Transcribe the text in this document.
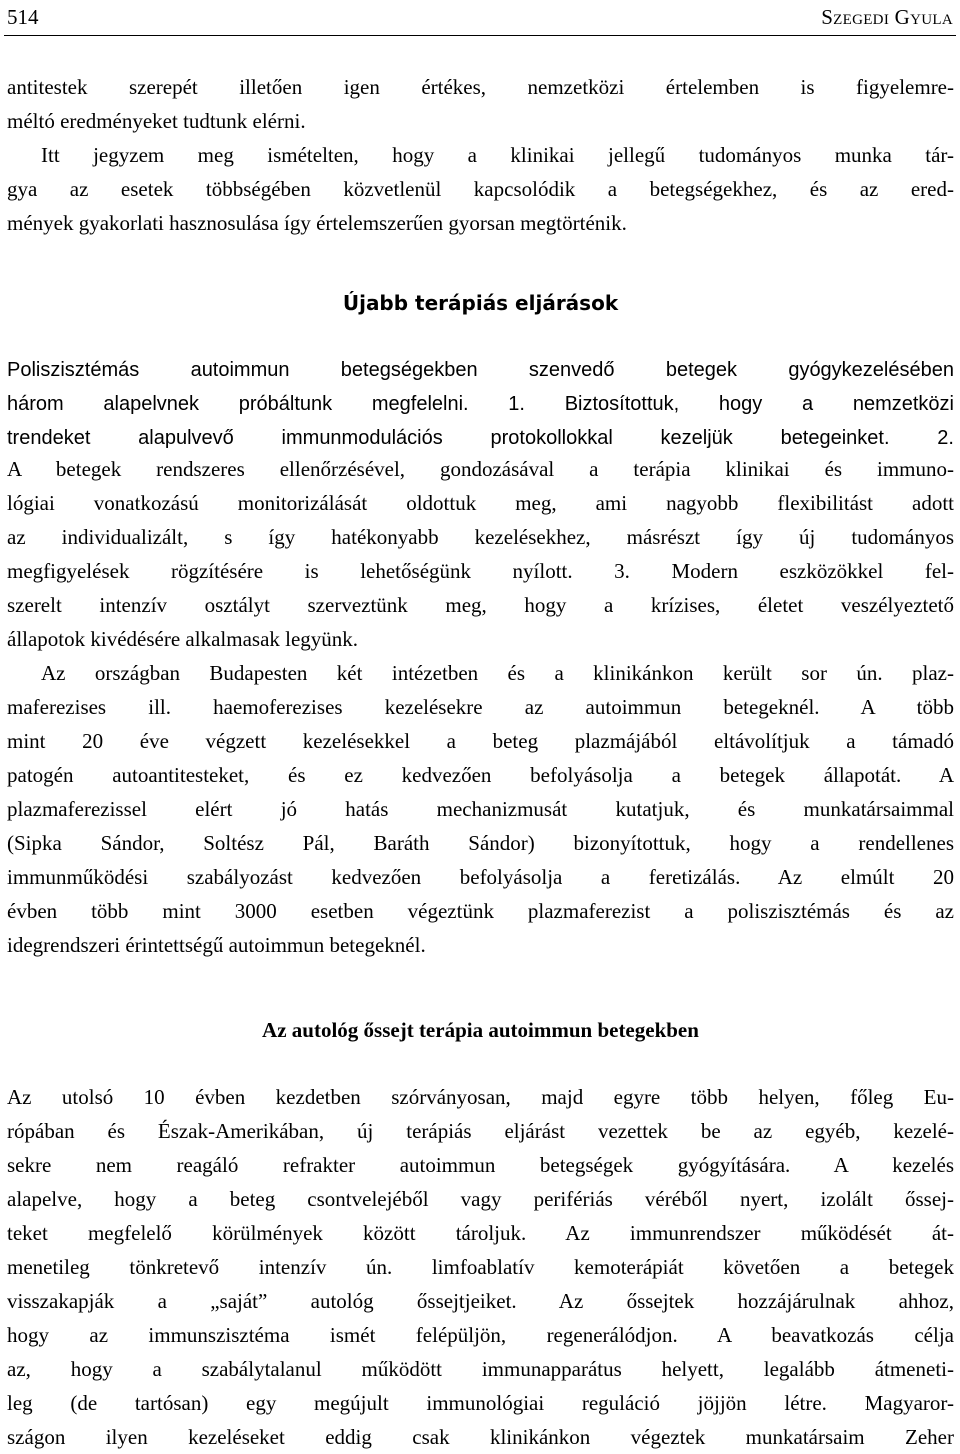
514	Szegedi Gyula
antitestek szerepét illetően igen értékes, nemzetközi értelemben is figyelemre-
méltó eredményeket tudtunk elérni.
Itt jegyzem meg ismételten, hogy a klinikai jellegű tudományos munka tár-
gya az esetek többségében közvetlenül kapcsolódik a betegségekhez, és az ered-
mények gyakorlati hasznosulása így értelemszerűen gyorsan megtörténik.
Újabb terápiás eljárások
Poliszisztémás autoimmun betegségekben szenvedő betegek gyógykezelésében
három alapelvnek próbáltunk megfelelni. 1. Biztosítottuk, hogy a nemzetközi
trendeket alapulvevő immunmodulációs protokollokkal kezeljük betegeinket. 2.
A betegek rendszeres ellenőrzésével, gondozásával a terápia klinikai és immuno-
lógiai vonatkozású monitorizálását oldottuk meg, ami nagyobb flexibilitást adott
az individualizált, s így hatékonyabb kezelésekhez, másrészt így új tudományos
megfigyelések rögzítésére is lehetőségünk nyílott. 3. Modern eszközökkel fel-
szerelt intenzív osztályt szerveztünk meg, hogy a krízises, életet veszélyeztető
állapotok kivédésére alkalmasak legyünk.
Az országban Budapesten két intézetben és a klinikánkon került sor ún. plaz-
maferezises ill. haemoferezises kezelésekre az autoimmun betegeknél. A több
mint 20 éve végzett kezelésekkel a beteg plazmájából eltávolítjuk a támadó
patogén autoantitesteket, és ez kedvezően befolyásolja a betegek állapotát. A
plazmaferezissel elért jó hatás mechanizmusát kutatjuk, és munkatársaimmal
(Sipka Sándor, Soltész Pál, Baráth Sándor) bizonyítottuk, hogy a rendellenes
immunműködési szabályozást kedvezően befolyásolja a feretizálás. Az elmúlt 20
évben több mint 3000 esetben végeztünk plazmaferezist a poliszisztémás és az
idegrendszeri érintettségű autoimmun betegeknél.
Az autológ őssejt terápia autoimmun betegekben
Az utolsó 10 évben kezdetben szórványosan, majd egyre több helyen, főleg Eu-
rópában és Észak-Amerikában, új terápiás eljárást vezettek be az egyéb, kezelé-
sekre nem reagáló refrakter autoimmun betegségek gyógyítására. A kezelés
alapelve, hogy a beteg csontvelejéből vagy perifériás véréből nyert, izolált őssej-
teket megfelelő körülmények között tároljuk. Az immunrendszer működését át-
menetileg tönkretevő intenzív ún. limfoablatív kemoterápiát követően a betegek
visszakapják a „saját” autológ őssejtjeiket. Az őssejtek hozzájárulnak ahhoz,
hogy az immunszisztéma ismét felépüljön, regenerálódjon. A beavatkozás célja
az, hogy a szabálytalanul működött immunapparátus helyett, legalább átmeneti-
leg (de tartósan) egy megújult immunológiai reguláció jöjjön létre. Magyaror-
szágon ilyen kezeléseket eddig csak klinikánkon végeztek munkatársaim Zeher
